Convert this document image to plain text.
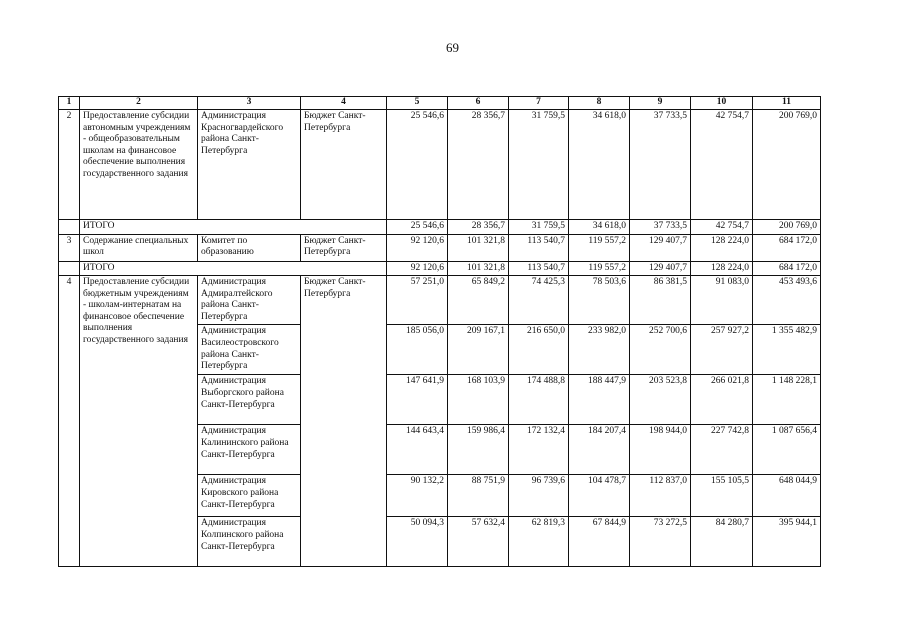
69
1	2	3	4	5	6	7	8	9	10	11
2	Предоставление субсидии автономным учреждениям - общеобразовательным школам на финансовое обеспечение выполнения государственного задания	Администрация Красногвардейского района Санкт-Петербурга	Бюджет Санкт-Петербурга	25 546,6	28 356,7	31 759,5	34 618,0	37 733,5	42 754,7	200 769,0
	ИТОГО			25 546,6	28 356,7	31 759,5	34 618,0	37 733,5	42 754,7	200 769,0
3	Содержание специальных школ	Комитет по образованию	Бюджет Санкт-Петербурга	92 120,6	101 321,8	113 540,7	119 557,2	129 407,7	128 224,0	684 172,0
	ИТОГО			92 120,6	101 321,8	113 540,7	119 557,2	129 407,7	128 224,0	684 172,0
4	Предоставление субсидии бюджетным учреждениям - школам-интернатам на финансовое обеспечение выполнения государственного задания	Администрация Адмиралтейского района Санкт-Петербурга	Бюджет Санкт-Петербурга	57 251,0	65 849,2	74 425,3	78 503,6	86 381,5	91 083,0	453 493,6
		Администрация Василеостровского района Санкт-Петербурга		185 056,0	209 167,1	216 650,0	233 982,0	252 700,6	257 927,2	1 355 482,9
		Администрация Выборгского района Санкт-Петербурга		147 641,9	168 103,9	174 488,8	188 447,9	203 523,8	266 021,8	1 148 228,1
		Администрация Калининского района Санкт-Петербурга		144 643,4	159 986,4	172 132,4	184 207,4	198 944,0	227 742,8	1 087 656,4
		Администрация Кировского района Санкт-Петербурга		90 132,2	88 751,9	96 739,6	104 478,7	112 837,0	155 105,5	648 044,9
		Администрация Колпинского района Санкт-Петербурга		50 094,3	57 632,4	62 819,3	67 844,9	73 272,5	84 280,7	395 944,1
